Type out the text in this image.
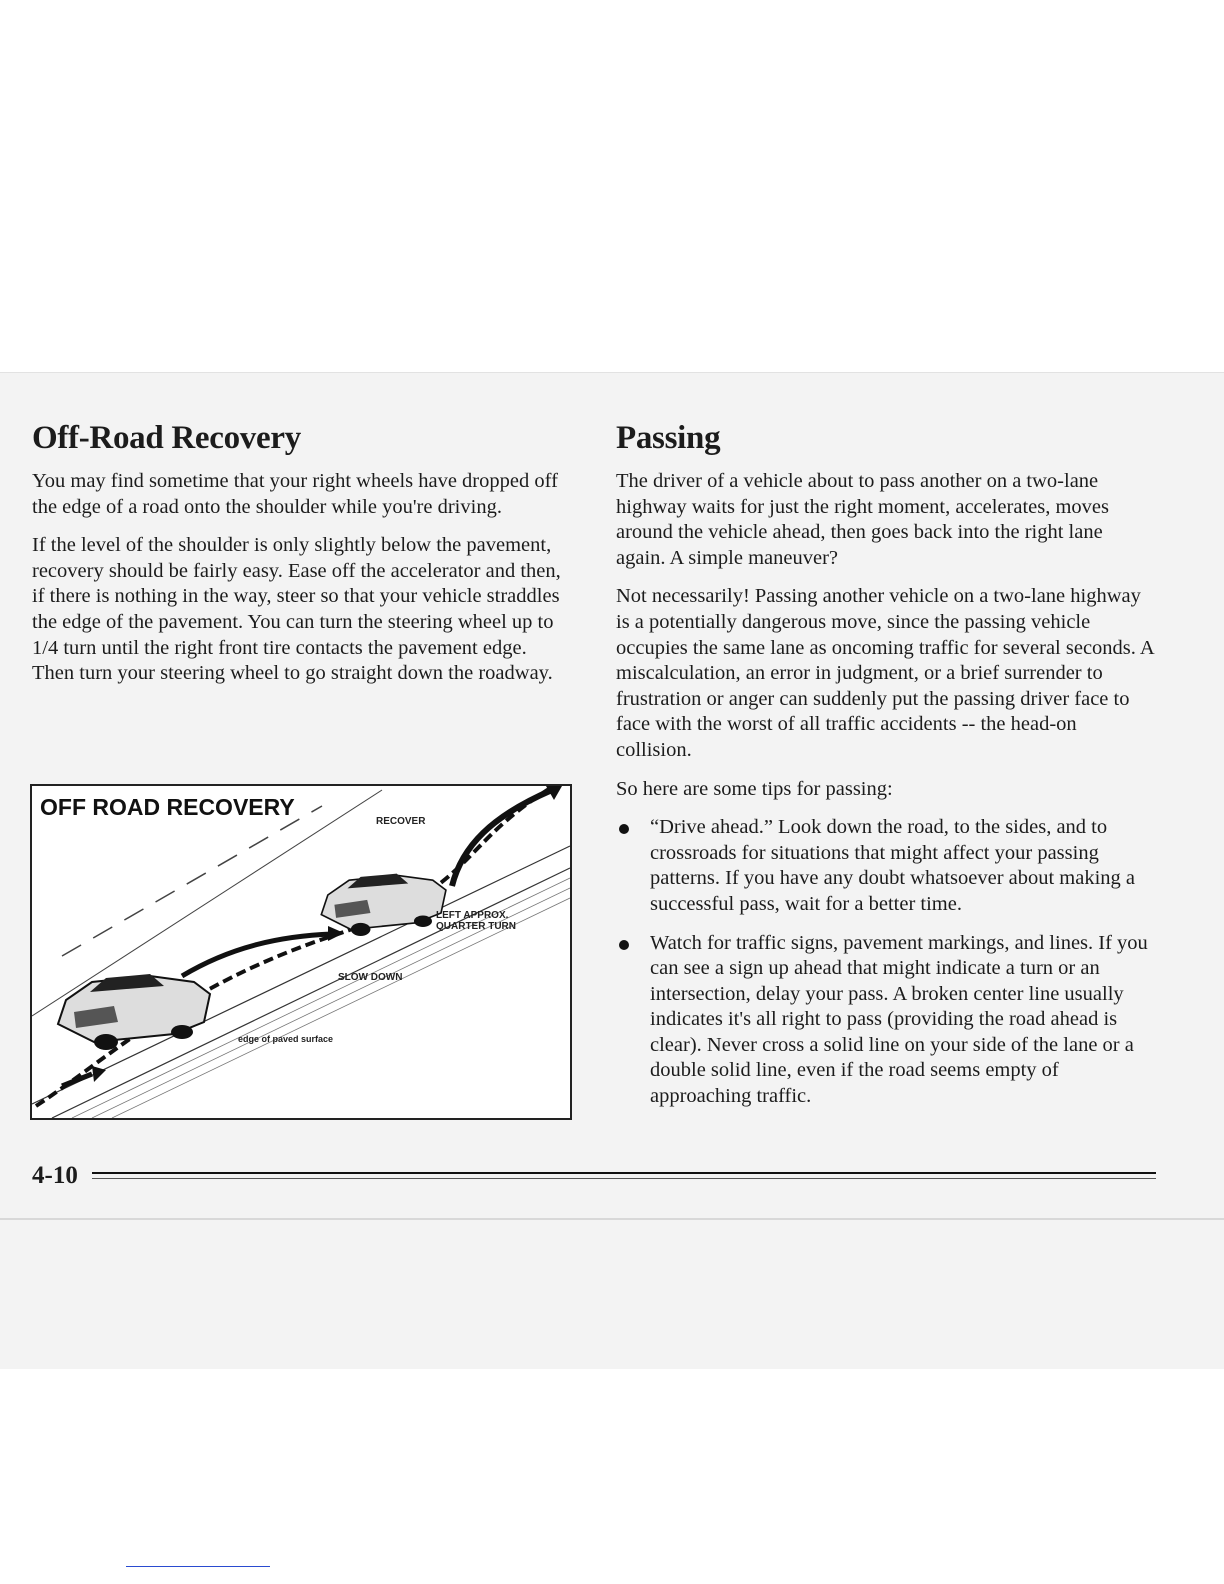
Off-Road Recovery

You may find sometime that your right wheels have dropped off the edge of a road onto the shoulder while you're driving.

If the level of the shoulder is only slightly below the pavement, recovery should be fairly easy. Ease off the accelerator and then, if there is nothing in the way, steer so that your vehicle straddles the edge of the pavement. You can turn the steering wheel up to 1/4 turn until the right front tire contacts the pavement edge. Then turn your steering wheel to go straight down the roadway.

OFF ROAD RECOVERY
RECOVER
LEFT APPROX. QUARTER TURN
SLOW DOWN
edge of paved surface
Passing

The driver of a vehicle about to pass another on a two-lane highway waits for just the right moment, accelerates, moves around the vehicle ahead, then goes back into the right lane again. A simple maneuver?

Not necessarily! Passing another vehicle on a two-lane highway is a potentially dangerous move, since the passing vehicle occupies the same lane as oncoming traffic for several seconds. A miscalculation, an error in judgment, or a brief surrender to frustration or anger can suddenly put the passing driver face to face with the worst of all traffic accidents -- the head-on collision.

So here are some tips for passing:

“Drive ahead.” Look down the road, to the sides, and to crossroads for situations that might affect your passing patterns. If you have any doubt whatsoever about making a successful pass, wait for a better time.
Watch for traffic signs, pavement markings, and lines. If you can see a sign up ahead that might indicate a turn or an intersection, delay your pass. A broken center line usually indicates it's all right to pass (providing the road ahead is clear). Never cross a solid line on your side of the lane or a double solid line, even if the road seems empty of approaching traffic.
4-10
